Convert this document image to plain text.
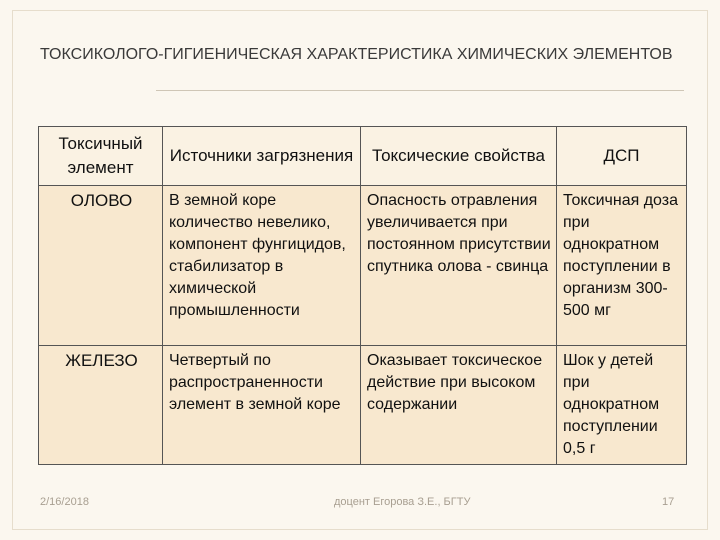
ТОКСИКОЛОГО-ГИГИЕНИЧЕСКАЯ ХАРАКТЕРИСТИКА ХИМИЧЕСКИХ ЭЛЕМЕНТОВ
Токсичный элемент	Источники загрязнения	Токсические свойства	ДСП
ОЛОВО	В земной коре количество невелико, компонент фунгицидов, стабилизатор в химической промышленности	Опасность отравления увеличивается при постоянном присутствии спутника олова - свинца	Токсичная доза при однократном поступлении в организм 300-500 мг
ЖЕЛЕЗО	Четвертый по распространенности элемент в земной коре	Оказывает токсическое действие при высоком содержании	Шок у детей при однократном поступлении 0,5 г
2/16/2018	доцент Егорова З.Е., БГТУ	17
